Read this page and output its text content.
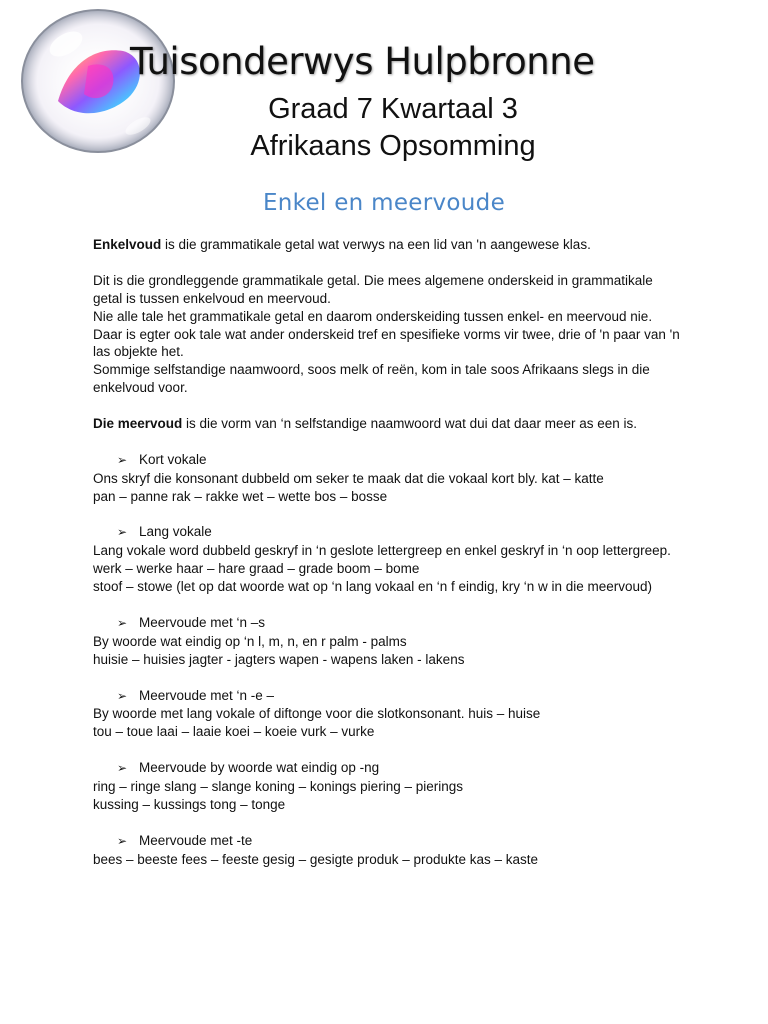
Tuisonderwys Hulpbronne
Graad 7 Kwartaal 3
Afrikaans Opsomming
Enkel en meervoude

Enkelvoud is die grammatikale getal wat verwys na een lid van 'n aangewese klas.

Dit is die grondleggende grammatikale getal. Die mees algemene onderskeid in grammatikale getal is tussen enkelvoud en meervoud.

Nie alle tale het grammatikale getal en daarom onderskeiding tussen enkel- en meervoud nie.

Daar is egter ook tale wat ander onderskeid tref en spesifieke vorms vir twee, drie of 'n paar van 'n las objekte het.

Sommige selfstandige naamwoord, soos melk of reën, kom in tale soos Afrikaans slegs in die enkelvoud voor.

Die meervoud is die vorm van ‘n selfstandige naamwoord wat dui dat daar meer as een is.

➢ Kort vokale

Ons skryf die konsonant dubbeld om seker te maak dat die vokaal kort bly. kat – katte

pan – panne rak – rakke wet – wette bos – bosse

➢ Lang vokale

Lang vokale word dubbeld geskryf in ‘n geslote lettergreep en enkel geskryf in ‘n oop lettergreep.

werk – werke haar – hare graad – grade boom – bome

stoof – stowe (let op dat woorde wat op ‘n lang vokaal en ‘n f eindig, kry ‘n w in die meervoud)

➢ Meervoude met ‘n –s

By woorde wat eindig op ‘n l, m, n, en r palm - palms

huisie – huisies jagter - jagters wapen - wapens laken - lakens

➢ Meervoude met ‘n -e –

By woorde met lang vokale of diftonge voor die slotkonsonant. huis – huise

tou – toue laai – laaie koei – koeie vurk – vurke

➢ Meervoude by woorde wat eindig op -ng

ring – ringe slang – slange koning – konings piering – pierings

kussing – kussings tong – tonge

➢ Meervoude met -te

bees – beeste fees – feeste gesig – gesigte produk – produkte kas – kaste
